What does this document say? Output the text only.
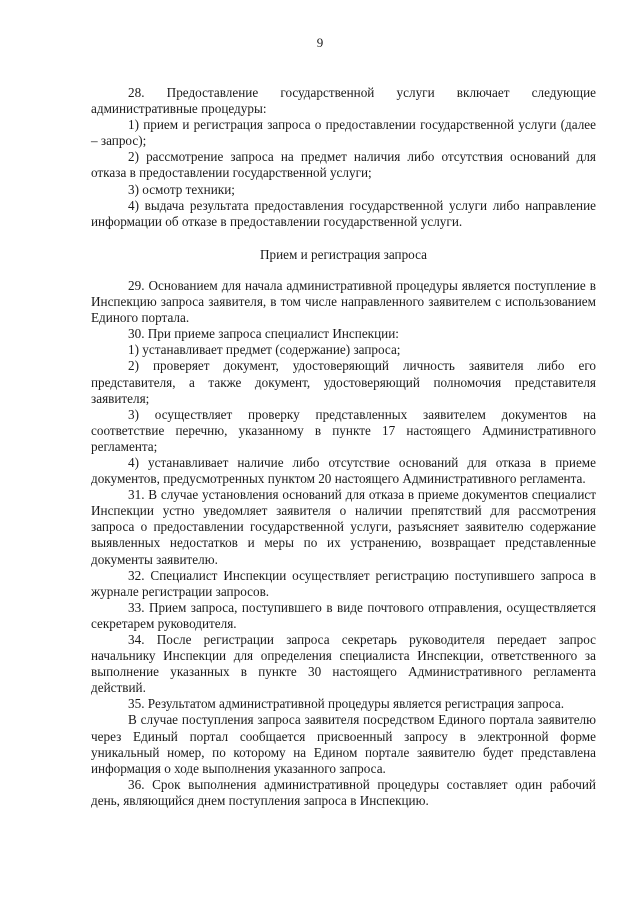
9

28. Предоставление государственной услуги включает следующие административные процедуры:

1) прием и регистрация запроса о предоставлении государственной услуги (далее – запрос);

2) рассмотрение запроса на предмет наличия либо отсутствия оснований для отказа в предоставлении государственной услуги;

3) осмотр техники;

4) выдача результата предоставления государственной услуги либо направление информации об отказе в предоставлении государственной услуги.

Прием и регистрация запроса

29. Основанием для начала административной процедуры является поступление в Инспекцию запроса заявителя, в том числе направленного заявителем с использованием Единого портала.

30. При приеме запроса специалист Инспекции:

1) устанавливает предмет (содержание) запроса;

2) проверяет документ, удостоверяющий личность заявителя либо его представителя, а также документ, удостоверяющий полномочия представителя заявителя;

3) осуществляет проверку представленных заявителем документов на соответствие перечню, указанному в пункте 17 настоящего Административного регламента;

4) устанавливает наличие либо отсутствие оснований для отказа в приеме документов, предусмотренных пунктом 20 настоящего Административного регламента.

31. В случае установления оснований для отказа в приеме документов специалист Инспекции устно уведомляет заявителя о наличии препятствий для рассмотрения запроса о предоставлении государственной услуги, разъясняет заявителю содержание выявленных недостатков и меры по их устранению, возвращает представленные документы заявителю.

32. Специалист Инспекции осуществляет регистрацию поступившего запроса в журнале регистрации запросов.

33. Прием запроса, поступившего в виде почтового отправления, осуществляется секретарем руководителя.

34. После регистрации запроса секретарь руководителя передает запрос начальнику Инспекции для определения специалиста Инспекции, ответственного за выполнение указанных в пункте 30 настоящего Административного регламента действий.

35. Результатом административной процедуры является регистрация запроса.

В случае поступления запроса заявителя посредством Единого портала заявителю через Единый портал сообщается присвоенный запросу в электронной форме уникальный номер, по которому на Едином портале заявителю будет представлена информация о ходе выполнения указанного запроса.

36. Срок выполнения административной процедуры составляет один рабочий день, являющийся днем поступления запроса в Инспекцию.
